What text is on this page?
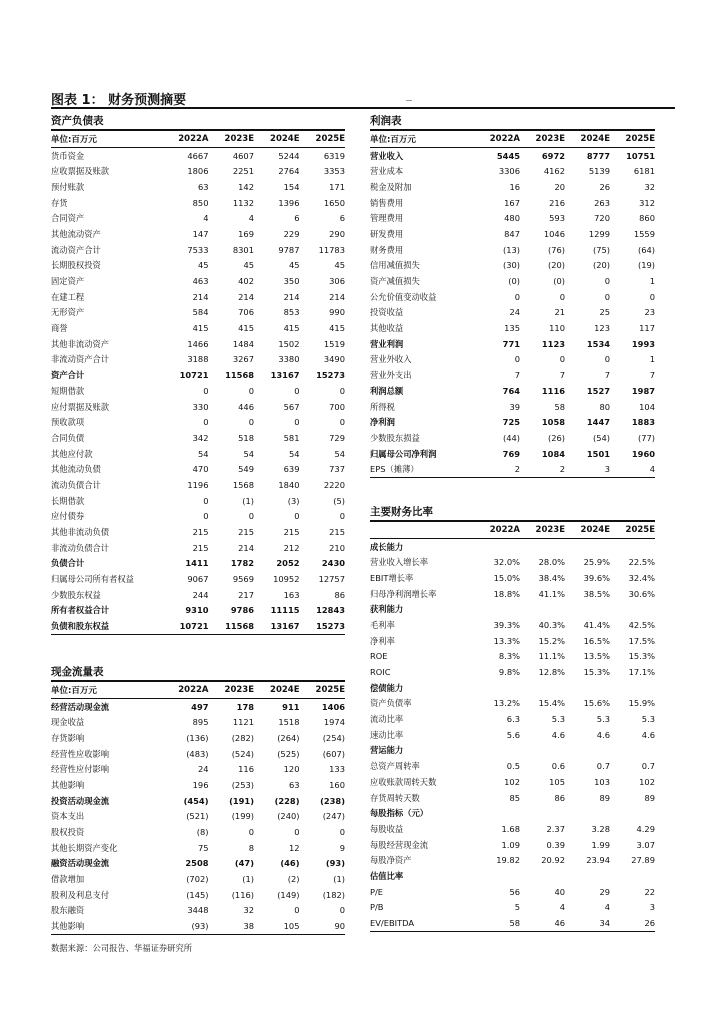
图表 1： 财务预测摘要
资产负债表
单位:百万元	2022A	2023E	2024E	2025E
货币资金	4667	4607	5244	6319
应收票据及账款	1806	2251	2764	3353
预付账款	63	142	154	171
存货	850	1132	1396	1650
合同资产	4	4	6	6
其他流动资产	147	169	229	290
流动资产合计	7533	8301	9787	11783
长期股权投资	45	45	45	45
固定资产	463	402	350	306
在建工程	214	214	214	214
无形资产	584	706	853	990
商誉	415	415	415	415
其他非流动资产	1466	1484	1502	1519
非流动资产合计	3188	3267	3380	3490
资产合计	10721	11568	13167	15273
短期借款	0	0	0	0
应付票据及账款	330	446	567	700
预收款项	0	0	0	0
合同负债	342	518	581	729
其他应付款	54	54	54	54
其他流动负债	470	549	639	737
流动负债合计	1196	1568	1840	2220
长期借款	0	(1)	(3)	(5)
应付债券	0	0	0	0
其他非流动负债	215	215	215	215
非流动负债合计	215	214	212	210
负债合计	1411	1782	2052	2430
归属母公司所有者权益	9067	9569	10952	12757
少数股东权益	244	217	163	86
所有者权益合计	9310	9786	11115	12843
负债和股东权益	10721	11568	13167	15273
现金流量表
单位:百万元	2022A	2023E	2024E	2025E
经营活动现金流	497	178	911	1406
现金收益	895	1121	1518	1974
存货影响	(136)	(282)	(264)	(254)
经营性应收影响	(483)	(524)	(525)	(607)
经营性应付影响	24	116	120	133
其他影响	196	(253)	63	160
投资活动现金流	(454)	(191)	(228)	(238)
资本支出	(521)	(199)	(240)	(247)
股权投资	(8)	0	0	0
其他长期资产变化	75	8	12	9
融资活动现金流	2508	(47)	(46)	(93)
借款增加	(702)	(1)	(2)	(1)
股利及利息支付	(145)	(116)	(149)	(182)
股东融资	3448	32	0	0
其他影响	(93)	38	105	90
利润表
单位:百万元	2022A	2023E	2024E	2025E
营业收入	5445	6972	8777	10751
营业成本	3306	4162	5139	6181
税金及附加	16	20	26	32
销售费用	167	216	263	312
管理费用	480	593	720	860
研发费用	847	1046	1299	1559
财务费用	(13)	(76)	(75)	(64)
信用减值损失	(30)	(20)	(20)	(19)
资产减值损失	(0)	(0)	0	1
公允价值变动收益	0	0	0	0
投资收益	24	21	25	23
其他收益	135	110	123	117
营业利润	771	1123	1534	1993
营业外收入	0	0	0	1
营业外支出	7	7	7	7
利润总额	764	1116	1527	1987
所得税	39	58	80	104
净利润	725	1058	1447	1883
少数股东损益	(44)	(26)	(54)	(77)
归属母公司净利润	769	1084	1501	1960
EPS（摊薄）	2	2	3	4
主要财务比率
	2022A	2023E	2024E	2025E
成长能力				
营业收入增长率	32.0%	28.0%	25.9%	22.5%
EBIT增长率	15.0%	38.4%	39.6%	32.4%
归母净利润增长率	18.8%	41.1%	38.5%	30.6%
获利能力				
毛利率	39.3%	40.3%	41.4%	42.5%
净利率	13.3%	15.2%	16.5%	17.5%
ROE	8.3%	11.1%	13.5%	15.3%
ROIC	9.8%	12.8%	15.3%	17.1%
偿债能力				
资产负债率	13.2%	15.4%	15.6%	15.9%
流动比率	6.3	5.3	5.3	5.3
速动比率	5.6	4.6	4.6	4.6
营运能力				
总资产周转率	0.5	0.6	0.7	0.7
应收账款周转天数	102	105	103	102
存货周转天数	85	86	89	89
每股指标（元）				
每股收益	1.68	2.37	3.28	4.29
每股经营现金流	1.09	0.39	1.99	3.07
每股净资产	19.82	20.92	23.94	27.89
估值比率				
P/E	56	40	29	22
P/B	5	4	4	3
EV/EBITDA	58	46	34	26
数据来源：公司报告、华福证券研究所
